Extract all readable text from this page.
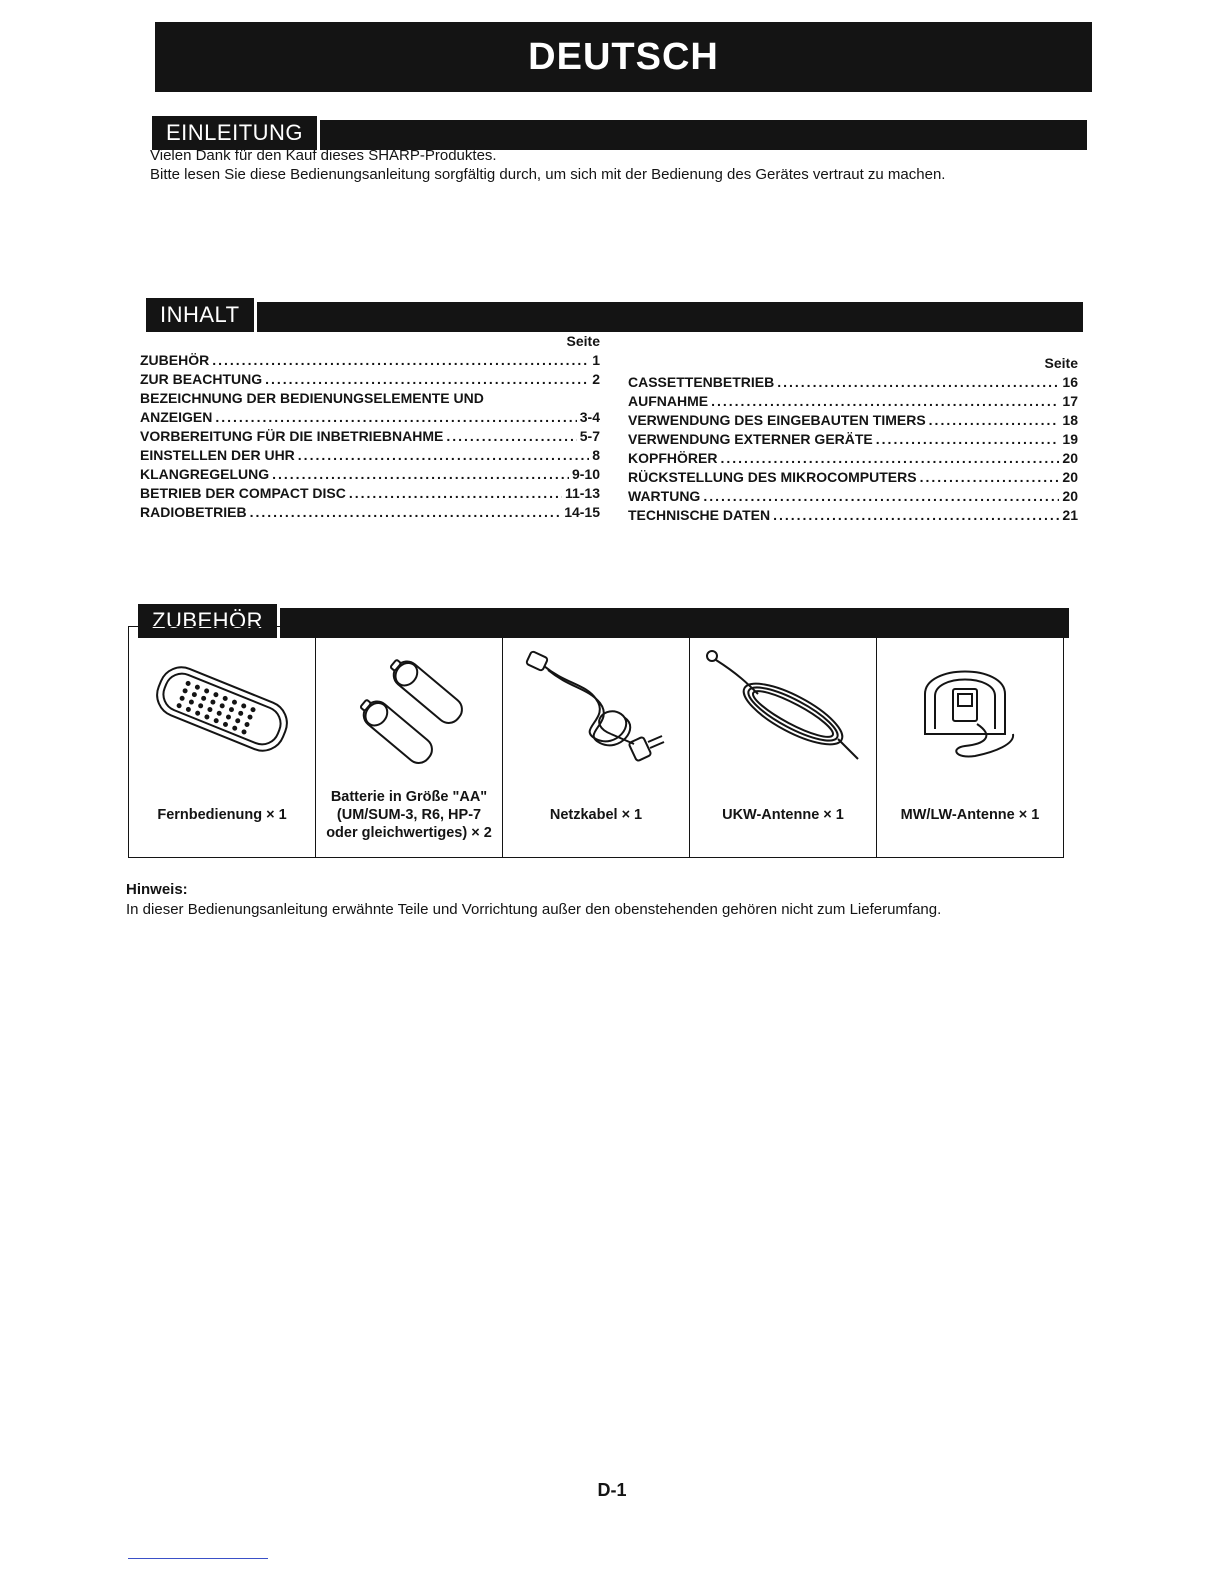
DEUTSCH
EINLEITUNG

Vielen Dank für den Kauf dieses SHARP-Produktes.

Bitte lesen Sie diese Bedienungsanleitung sorgfältig durch, um sich mit der Bedienung des Gerätes vertraut zu machen.

INHALT
Seite
ZUBEHÖR .....	1
ZUR BEACHTUNG .....	2
BEZEICHNUNG DER BEDIENUNGSELEMENTE UND
ANZEIGEN .....	3-4
VORBEREITUNG FÜR DIE INBETRIEBNAHME .....	5-7
EINSTELLEN DER UHR .....	8
KLANGREGELUNG .....	9-10
BETRIEB DER COMPACT DISC .....	11-13
RADIOBETRIEB .....	14-15
Seite
CASSETTENBETRIEB .....	16
AUFNAHME .....	17
VERWENDUNG DES EINGEBAUTEN TIMERS .....	18
VERWENDUNG EXTERNER GERÄTE .....	19
KOPFHÖRER .....	20
RÜCKSTELLUNG DES MIKROCOMPUTERS .....	20
WARTUNG .....	20
TECHNISCHE DATEN .....	21
ZUBEHÖR
Fernbedienung × 1

Batterie in Größe "AA" (UM/SUM-3, R6, HP-7 oder gleichwertiges) × 2

Netzkabel × 1	UKW-Antenne × 1	MW/LW-Antenne × 1
Hinweis:
In dieser Bedienungsanleitung erwähnte Teile und Vorrichtung außer den obenstehenden gehören nicht zum Lieferumfang.
D-1
